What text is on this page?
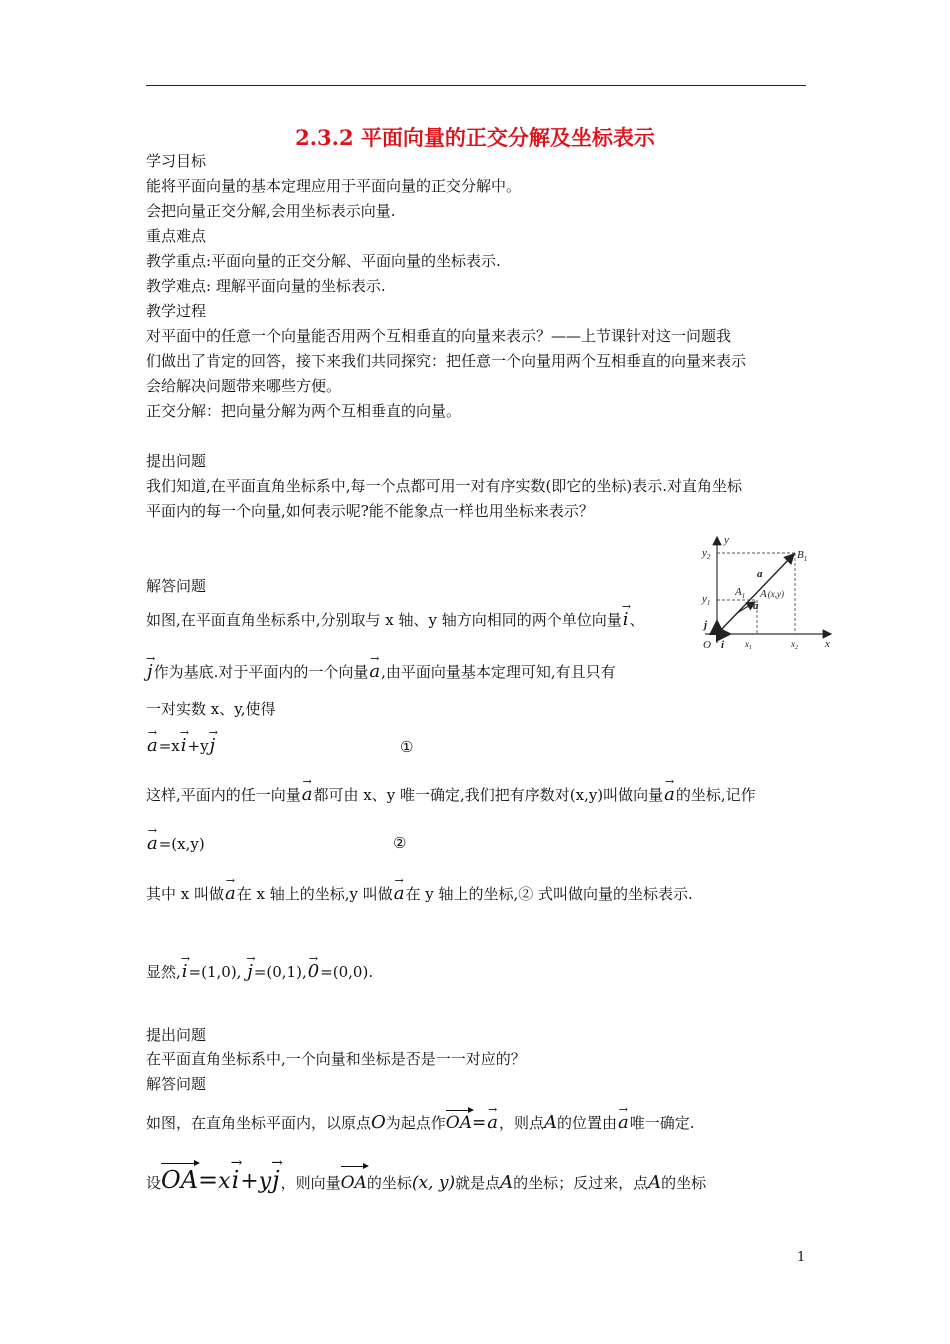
2.3.2 平面向量的正交分解及坐标表示
学习目标
能将平面向量的基本定理应用于平面向量的正交分解中。
会把向量正交分解,会用坐标表示向量.
重点难点
教学重点:平面向量的正交分解、平面向量的坐标表示.
教学难点: 理解平面向量的坐标表示.
教学过程
对平面中的任意一个向量能否用两个互相垂直的向量来表示？——上节课针对这一问题我
们做出了肯定的回答，接下来我们共同探究：把任意一个向量用两个互相垂直的向量来表示
会给解决问题带来哪些方便。
正交分解：把向量分解为两个互相垂直的向量。
提出问题
我们知道,在平面直角坐标系中,每一个点都可用一对有序实数(即它的坐标)表示.对直角坐标
平面内的每一个向量,如何表示呢?能不能象点一样也用坐标来表示？
解答问题
如图,在平面直角坐标系中,分别取与 x 轴、y 轴方向相同的两个单位向量→ i、
→ j作为基底.对于平面内的一个向量→ a,由平面向量基本定理可知,有且只有
一对实数 x、y,使得
→ a=x→ i+y→ j	①
这样,平面内的任一向量→ a都可由 x、y 唯一确定,我们把有序数对(x,y)叫做向量→ a的坐标,记作
→ a=(x,y)	②
其中 x 叫做→ a在 x 轴上的坐标,y 叫做→ a在 y 轴上的坐标,② 式叫做向量的坐标表示.
显然,→ i=(1,0), → j=(0,1),→ 0=(0,0).
提出问题
在平面直角坐标系中,一个向量和坐标是否是一一对应的？
解答问题
如图，在直角坐标平面内，以原点O为起点作OA=→ a，则点A的位置由→ a唯一确定.
设OA=x→ i+y→ j，则向量OA的坐标(x, y)就是点A的坐标；反过来，点A的坐标
y
x
O
$y_2$
$y_1$
$x_1$	$x_2$
$B_1$
$A_1$ A(x,y)
a
a
i
j
1
